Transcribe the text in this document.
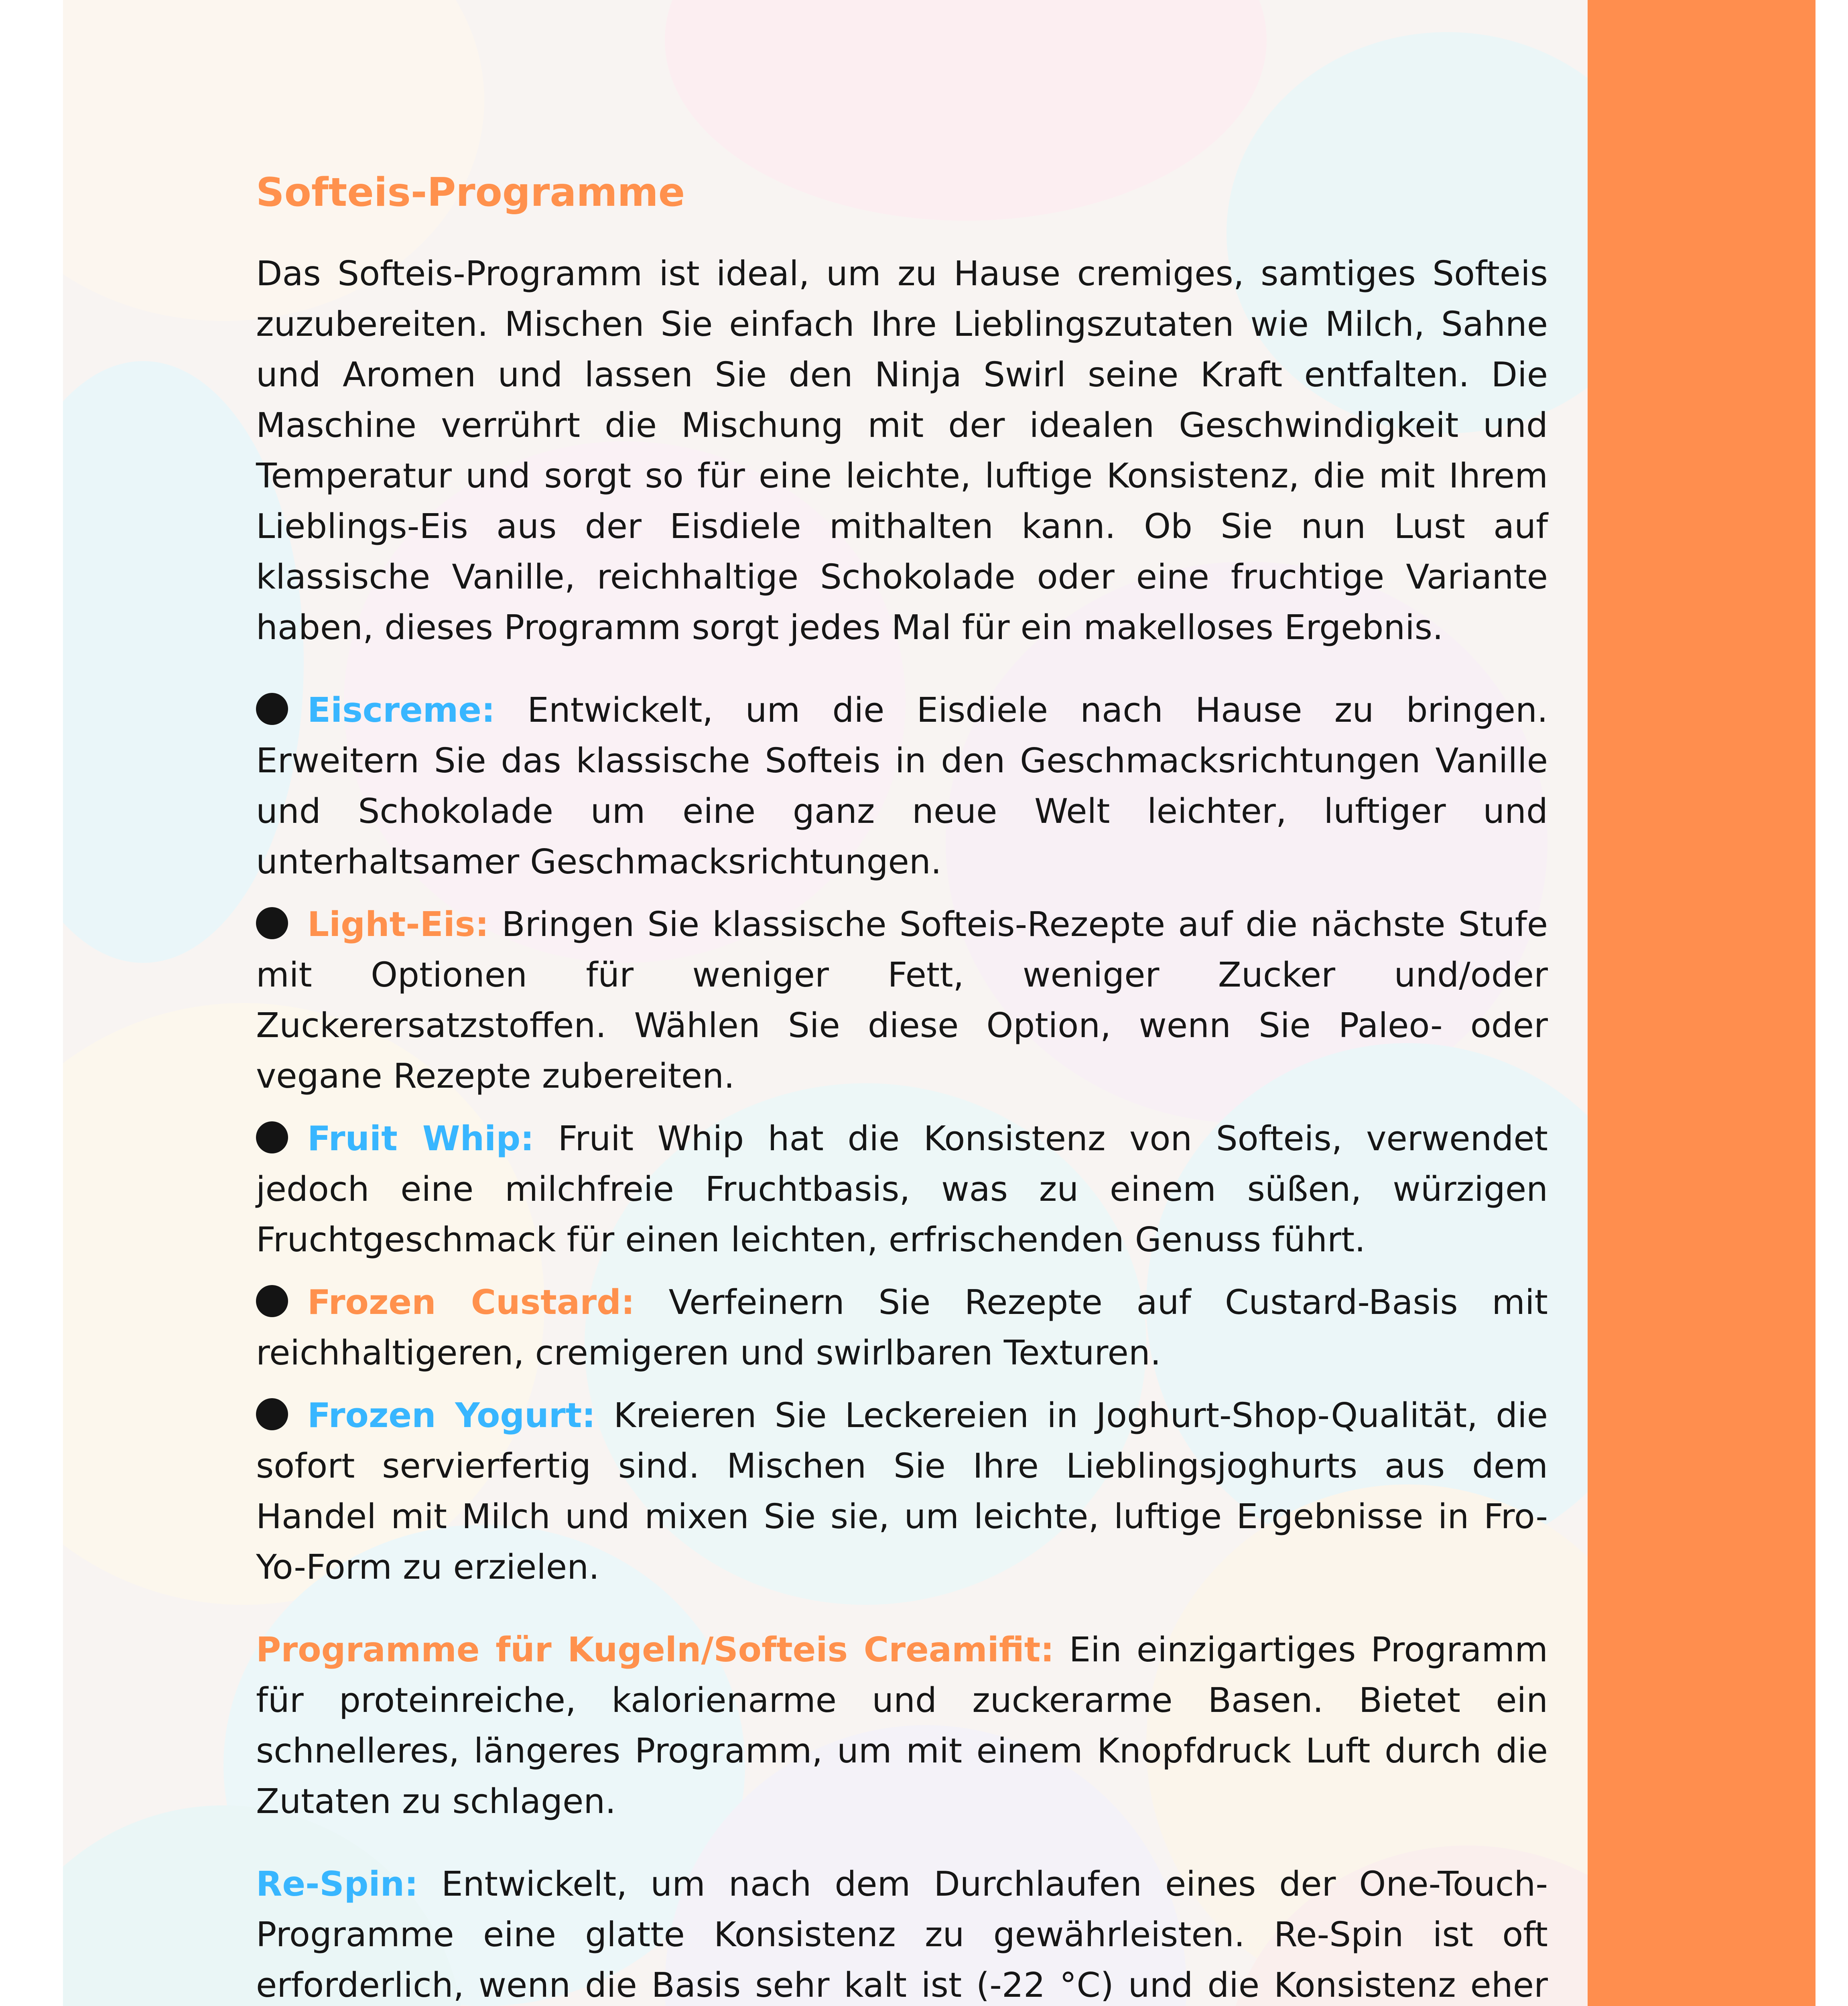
Softeis-Programme

Das Softeis-Programm ist ideal, um zu Hause cremiges, samtiges Softeis zuzubereiten. Mischen Sie einfach Ihre Lieblingszutaten wie Milch, Sahne und Aromen und lassen Sie den Ninja Swirl seine Kraft entfalten. Die Maschine verrührt die Mischung mit der idealen Geschwindigkeit und Temperatur und sorgt so für eine leichte, luftige Konsistenz, die mit Ihrem Lieblings-Eis aus der Eisdiele mithalten kann. Ob Sie nun Lust auf klassische Vanille, reichhaltige Schokolade oder eine fruchtige Variante haben, dieses Programm sorgt jedes Mal für ein makelloses Ergebnis.

Eiscreme: Entwickelt, um die Eisdiele nach Hause zu bringen. Erweitern Sie das klassische Softeis in den Geschmacksrichtungen Vanille und Schokolade um eine ganz neue Welt leichter, luftiger und unterhaltsamer Geschmacksrichtungen.
Light-Eis: Bringen Sie klassische Softeis-Rezepte auf die nächste Stufe mit Optionen für weniger Fett, weniger Zucker und/oder Zuckerersatzstoffen. Wählen Sie diese Option, wenn Sie Paleo- oder vegane Rezepte zubereiten.
Fruit Whip: Fruit Whip hat die Konsistenz von Softeis, verwendet jedoch eine milchfreie Fruchtbasis, was zu einem süßen, würzigen Fruchtgeschmack für einen leichten, erfrischenden Genuss führt.
Frozen Custard: Verfeinern Sie Rezepte auf Custard-Basis mit reichhaltigeren, cremigeren und swirlbaren Texturen.
Frozen Yogurt: Kreieren Sie Leckereien in Joghurt-Shop-Qualität, die sofort servierfertig sind. Mischen Sie Ihre Lieblingsjoghurts aus dem Handel mit Milch und mixen Sie sie, um leichte, luftige Ergebnisse in Fro-Yo-Form zu erzielen.

Programme für Kugeln/Softeis Creamifit: Ein einzigartiges Programm für proteinreiche, kalorienarme und zuckerarme Basen. Bietet ein schnelleres, längeres Programm, um mit einem Knopfdruck Luft durch die Zutaten zu schlagen.

Re-Spin: Entwickelt, um nach dem Durchlaufen eines der One-Touch-Programme eine glatte Konsistenz zu gewährleisten. Re-Spin ist oft erforderlich, wenn die Basis sehr kalt ist (-22 °C) und die Konsistenz eher
